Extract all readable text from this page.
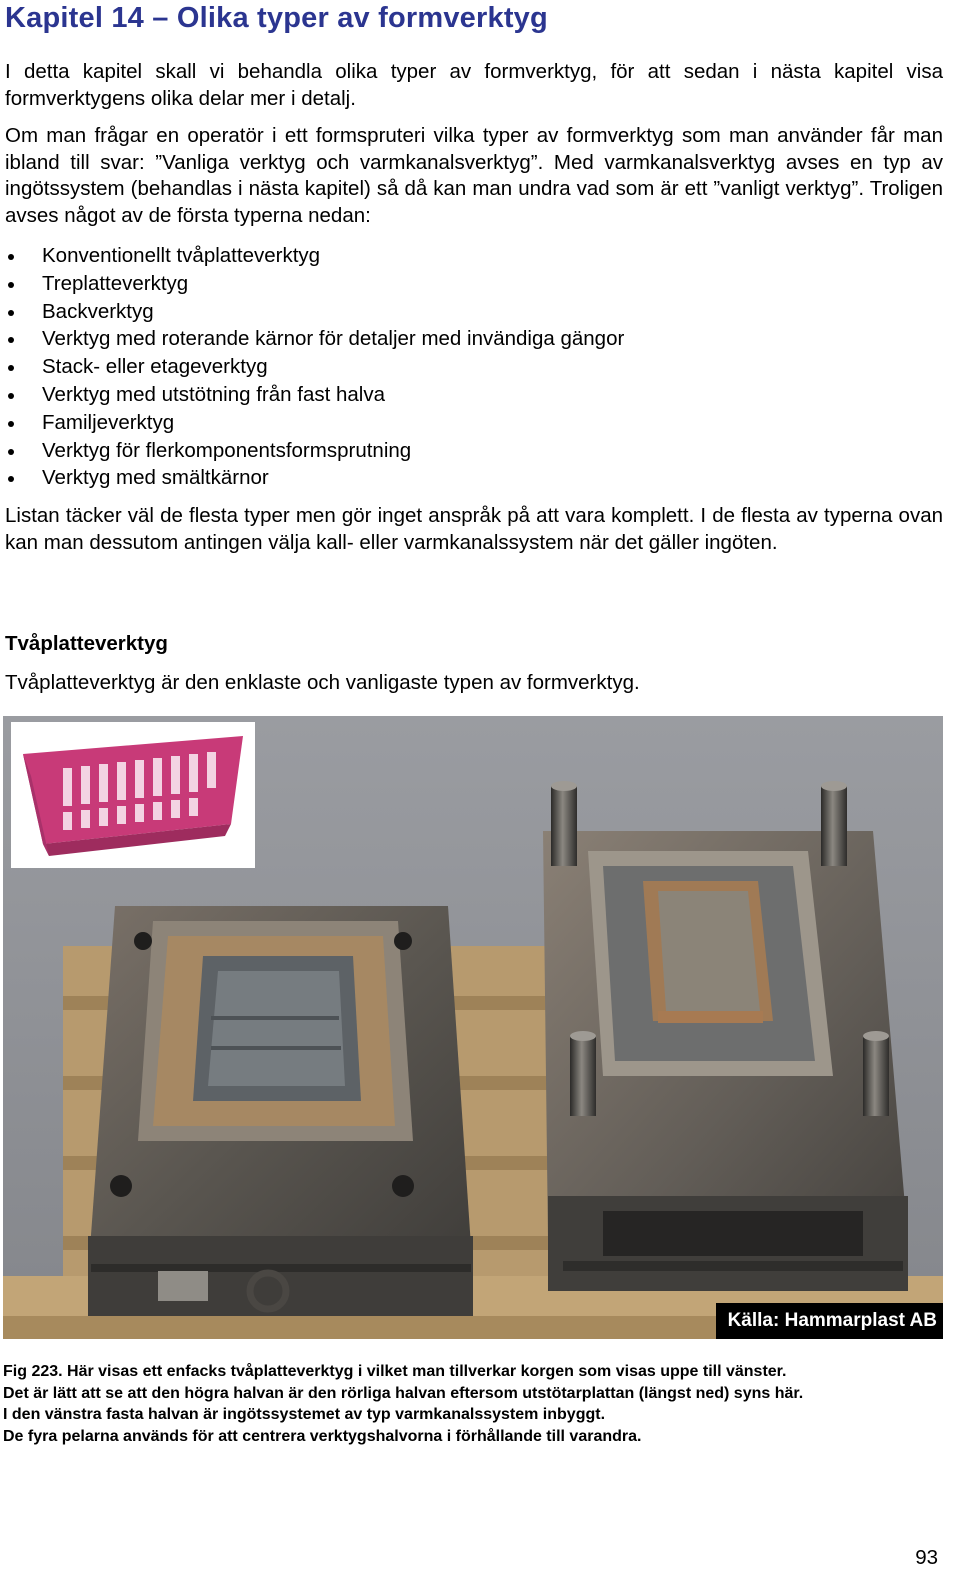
Kapitel 14 – Olika typer av formverktyg

I detta kapitel skall vi behandla olika typer av formverktyg, för att sedan i nästa kapitel visa formverktygens olika delar mer i detalj.

Om man frågar en operatör i ett formspruteri vilka typer av formverktyg som man använder får man ibland till svar: ”Vanliga verktyg och varmkanalsverktyg”. Med varmkanalsverktyg avses en typ av ingötssystem (behandlas i nästa kapitel) så då kan man undra vad som är ett ”vanligt verktyg”. Troligen avses något av de första typerna nedan:

Konventionellt tvåplatteverktyg
Treplatteverktyg
Backverktyg
Verktyg med roterande kärnor för detaljer med invändiga gängor
Stack- eller etageverktyg
Verktyg med utstötning från fast halva
Familjeverktyg
Verktyg för flerkomponentsformsprutning
Verktyg med smältkärnor

Listan täcker väl de flesta typer men gör inget anspråk på att vara komplett. I de flesta av typerna ovan kan man dessutom antingen välja kall- eller varmkanalssystem när det gäller ingöten.

Tvåplatteverktyg

Tvåplatteverktyg är den enklaste och vanligaste typen av formverktyg.

Källa: Hammarplast AB
Fig 223. Här visas ett enfacks tvåplatteverktyg i vilket man tillverkar korgen som visas uppe till vänster.
Det är lätt att se att den högra halvan är den rörliga halvan eftersom utstötarplattan (längst ned) syns här.
I den vänstra fasta halvan är ingötssystemet av typ varmkanalssystem inbyggt.
De fyra pelarna används för att centrera verktygshalvorna i förhållande till varandra.
93
